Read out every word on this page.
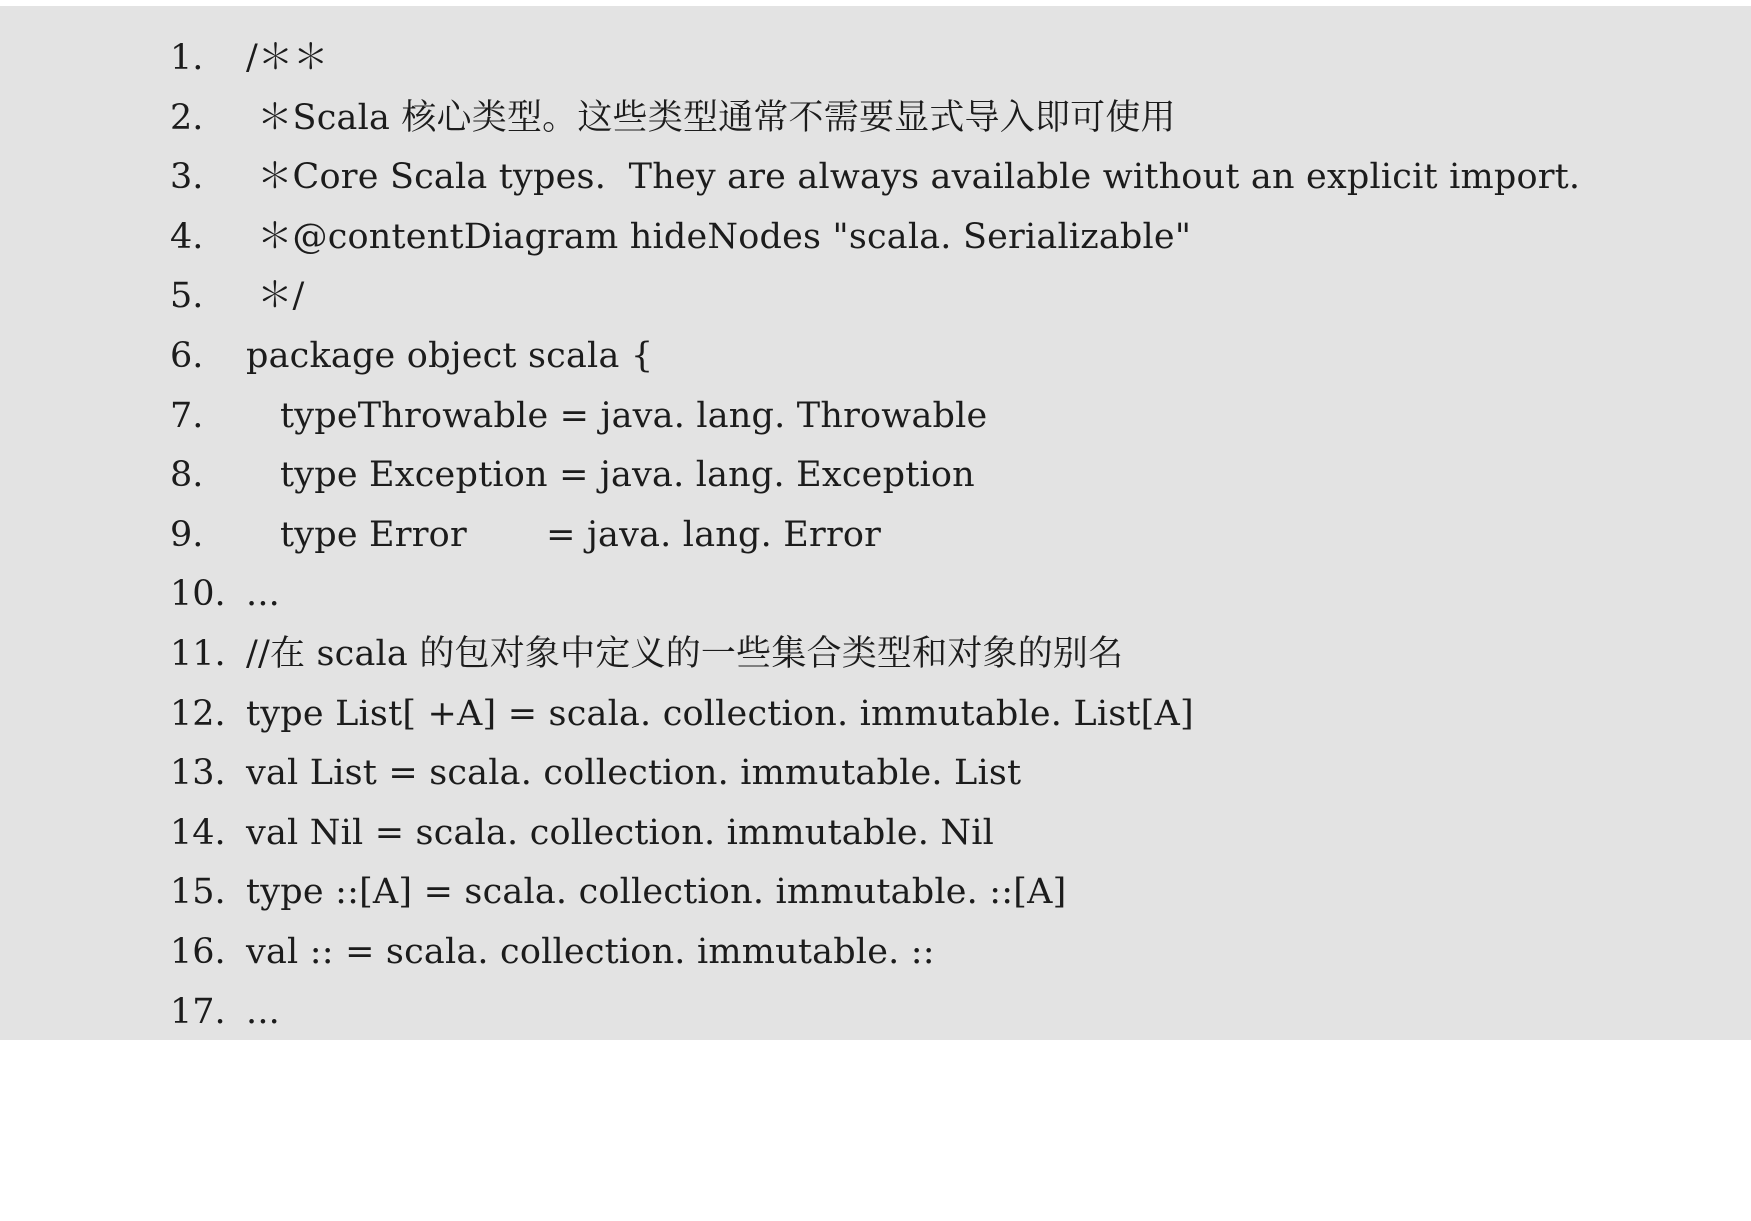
1.

	/＊＊

2.

	＊Scala 核心类型。这些类型通常不需要显式导入即可使用

3.

	＊Core Scala types.  They are always available without an explicit import.

4.

	＊@contentDiagram hideNodes "scala. Serializable"

5.

	＊/

6.

	package object scala {

7.

	typeThrowable = java. lang. Throwable

8.

	type Exception = java. lang. Exception

9.

	type Error       = java. lang. Error

10.

...

11.

//在 scala 的包对象中定义的一些集合类型和对象的别名

12.

type List[ +A] = scala. collection. immutable. List[A]

13.

val List = scala. collection. immutable. List

14.

val Nil = scala. collection. immutable. Nil

15.

type ::[A] = scala. collection. immutable. ::[A]

16.

val :: = scala. collection. immutable. ::

17.

...
